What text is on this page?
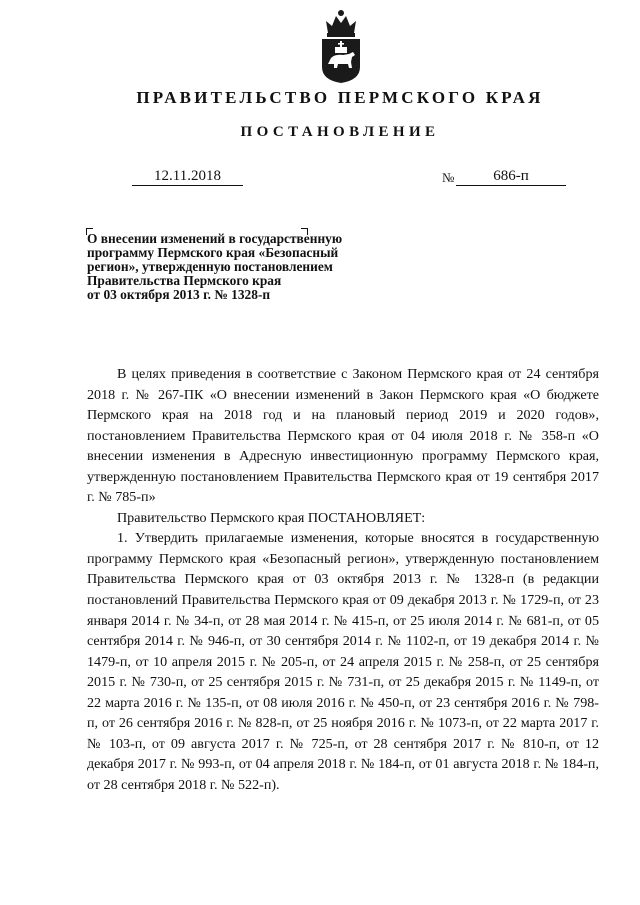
ПРАВИТЕЛЬСТВО ПЕРМСКОГО КРАЯ
ПОСТАНОВЛЕНИЕ
12.11.2018	№	686-п
О внесении изменений в государственную
программу Пермского края «Безопасный
регион», утвержденную постановлением
Правительства Пермского края
от 03 октября 2013 г. № 1328-п

В целях приведения в соответствие с Законом Пермского края от 24 сентября 2018 г. № 267-ПК «О внесении изменений в Закон Пермского края «О бюджете Пермского края на 2018 год и на плановый период 2019 и 2020 годов», постановлением Правительства Пермского края от 04 июля 2018 г. № 358-п «О внесении изменения в Адресную инвестиционную программу Пермского края, утвержденную постановлением Правительства Пермского края от 19 сентября 2017 г. № 785-п»

Правительство Пермского края ПОСТАНОВЛЯЕТ:

1. Утвердить прилагаемые изменения, которые вносятся в государственную программу Пермского края «Безопасный регион», утвержденную постановлением Правительства Пермского края от 03 октября 2013 г. № 1328-п (в редакции постановлений Правительства Пермского края от 09 декабря 2013 г. № 1729-п, от 23 января 2014 г. № 34-п, от 28 мая 2014 г. № 415-п, от 25 июля 2014 г. № 681-п, от 05 сентября 2014 г. № 946-п, от 30 сентября 2014 г. № 1102-п, от 19 декабря 2014 г. № 1479-п, от 10 апреля 2015 г. № 205-п, от 24 апреля 2015 г. № 258-п, от 25 сентября 2015 г. № 730-п, от 25 сентября 2015 г. № 731-п, от 25 декабря 2015 г. № 1149-п, от 22 марта 2016 г. № 135-п, от 08 июля 2016 г. № 450-п, от 23 сентября 2016 г. № 798-п, от 26 сентября 2016 г. № 828-п, от 25 ноября 2016 г. № 1073-п, от 22 марта 2017 г. № 103-п, от 09 августа 2017 г. № 725-п, от 28 сентября 2017 г. № 810-п, от 12 декабря 2017 г. № 993-п, от 04 апреля 2018 г. № 184-п, от 01 августа 2018 г. № 184-п, от 28 сентября 2018 г. № 522-п).
